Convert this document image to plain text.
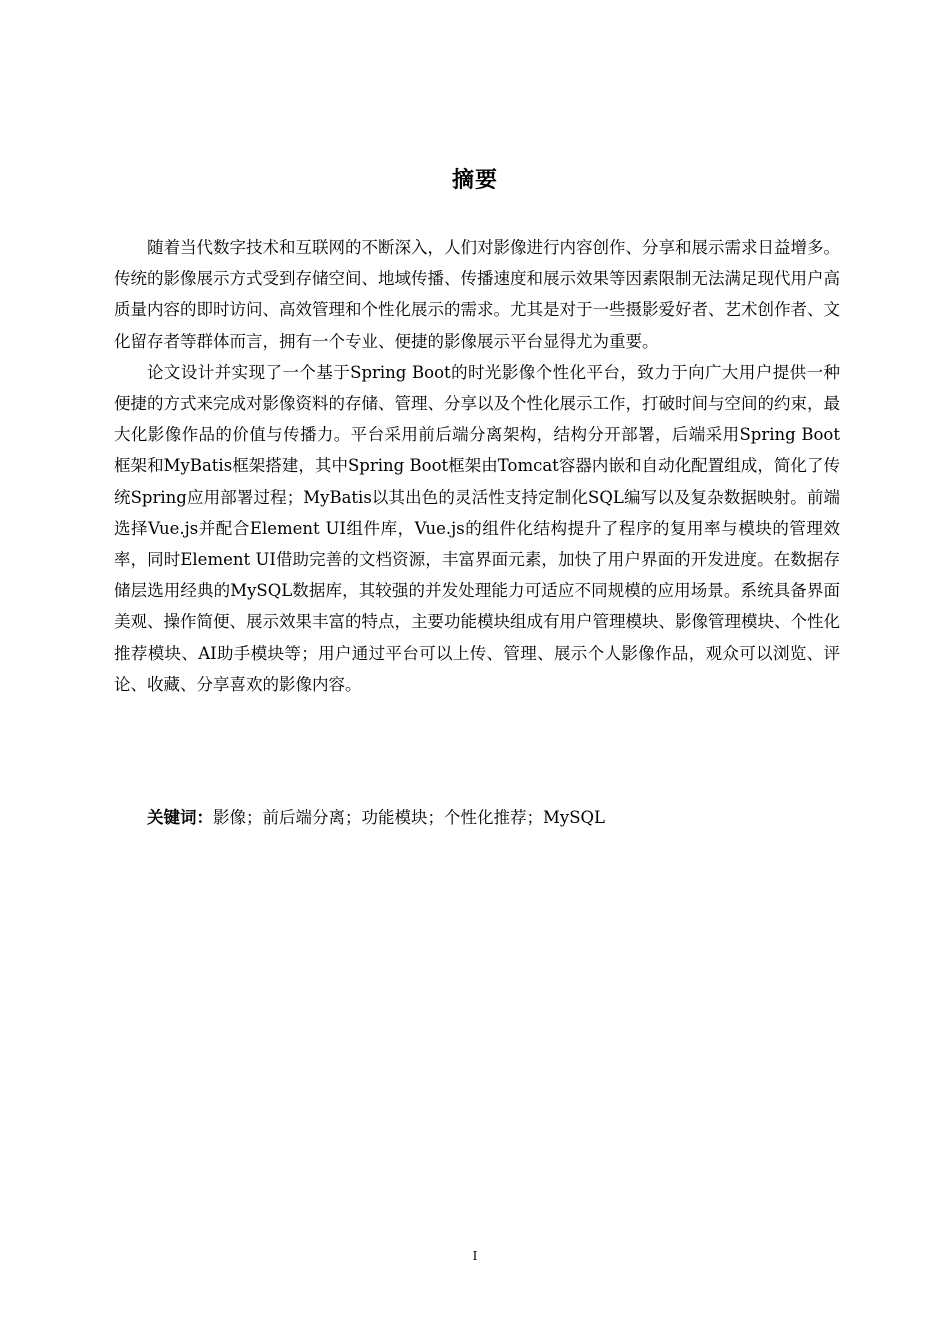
摘要

随着当代数字技术和互联网的不断深入，人们对影像进行内容创作、分享和展示需求日益增多。传统的影像展示方式受到存储空间、地域传播、传播速度和展示效果等因素限制无法满足现代用户高质量内容的即时访问、高效管理和个性化展示的需求。尤其是对于一些摄影爱好者、艺术创作者、文化留存者等群体而言，拥有一个专业、便捷的影像展示平台显得尤为重要。

论文设计并实现了一个基于Spring Boot的时光影像个性化平台，致力于向广大用户提供一种便捷的方式来完成对影像资料的存储、管理、分享以及个性化展示工作，打破时间与空间的约束，最大化影像作品的价值与传播力。平台采用前后端分离架构，结构分开部署，后端采用Spring Boot框架和MyBatis框架搭建，其中Spring Boot框架由Tomcat容器内嵌和自动化配置组成，简化了传统Spring应用部署过程；MyBatis以其出色的灵活性支持定制化SQL编写以及复杂数据映射。前端选择Vue.js并配合Element UI组件库，Vue.js的组件化结构提升了程序的复用率与模块的管理效率，同时Element UI借助完善的文档资源，丰富界面元素，加快了用户界面的开发进度。在数据存储层选用经典的MySQL数据库，其较强的并发处理能力可适应不同规模的应用场景。系统具备界面美观、操作简便、展示效果丰富的特点，主要功能模块组成有用户管理模块、影像管理模块、个性化推荐模块、AI助手模块等；用户通过平台可以上传、管理、展示个人影像作品，观众可以浏览、评论、收藏、分享喜欢的影像内容。

关键词：影像；前后端分离；功能模块；个性化推荐；MySQL
I
